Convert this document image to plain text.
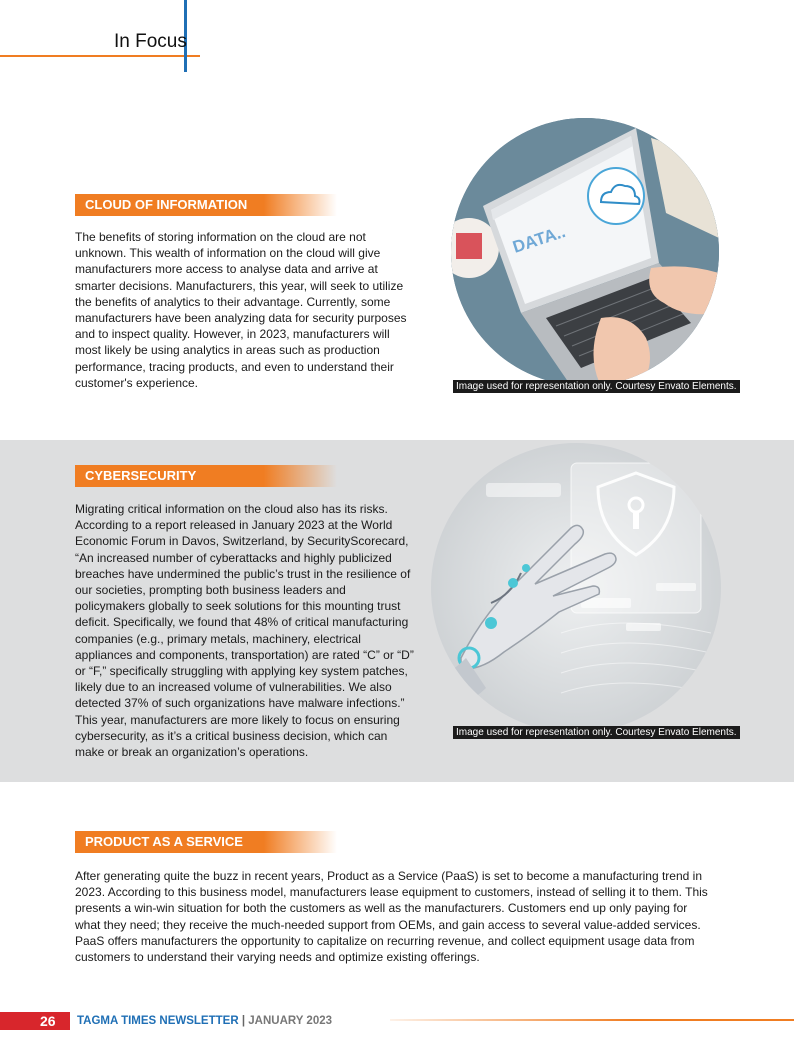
In Focus
CLOUD OF INFORMATION
The benefits of storing information on the cloud are not unknown. This wealth of information on the cloud will give manufacturers more access to analyse data and arrive at smarter decisions. Manufacturers, this year, will seek to utilize the benefits of analytics to their advantage. Currently, some manufacturers have been analyzing data for security purposes and to inspect quality. However, in 2023, manufacturers will most likely be using analytics in areas such as production performance, tracing products, and even to understand their customer's experience.
DATA..
Image used for representation only. Courtesy Envato Elements.
CYBERSECURITY
Migrating critical information on the cloud also has its risks. According to a report released in January 2023 at the World Economic Forum in Davos, Switzerland, by SecurityScorecard, “An increased number of cyberattacks and highly publicized breaches have undermined the public’s trust in the resilience of our societies, prompting both business leaders and policymakers globally to seek solutions for this mounting trust deficit. Specifically, we found that 48% of critical manufacturing companies (e.g., primary metals, machinery, electrical appliances and components, transportation) are rated “C” or “D” or “F,” specifically struggling with applying key system patches, likely due to an increased volume of vulnerabilities. We also detected 37% of such organizations have malware infections.” This year, manufacturers are more likely to focus on ensuring cybersecurity, as it’s a critical business decision, which can make or break an organization’s operations.
Image used for representation only. Courtesy Envato Elements.
PRODUCT AS A SERVICE
After generating quite the buzz in recent years, Product as a Service (PaaS) is set to become a manufacturing trend in 2023. According to this business model, manufacturers lease equipment to customers, instead of selling it to them. This presents a win-win situation for both the customers as well as the manufacturers. Customers end up only paying for what they need; they receive the much-needed support from OEMs, and gain access to several value-added services. PaaS offers manufacturers the opportunity to capitalize on recurring revenue, and collect equipment usage data from customers to understand their varying needs and optimize existing offerings.
26 TAGMA TIMES NEWSLETTER | JANUARY 2023
